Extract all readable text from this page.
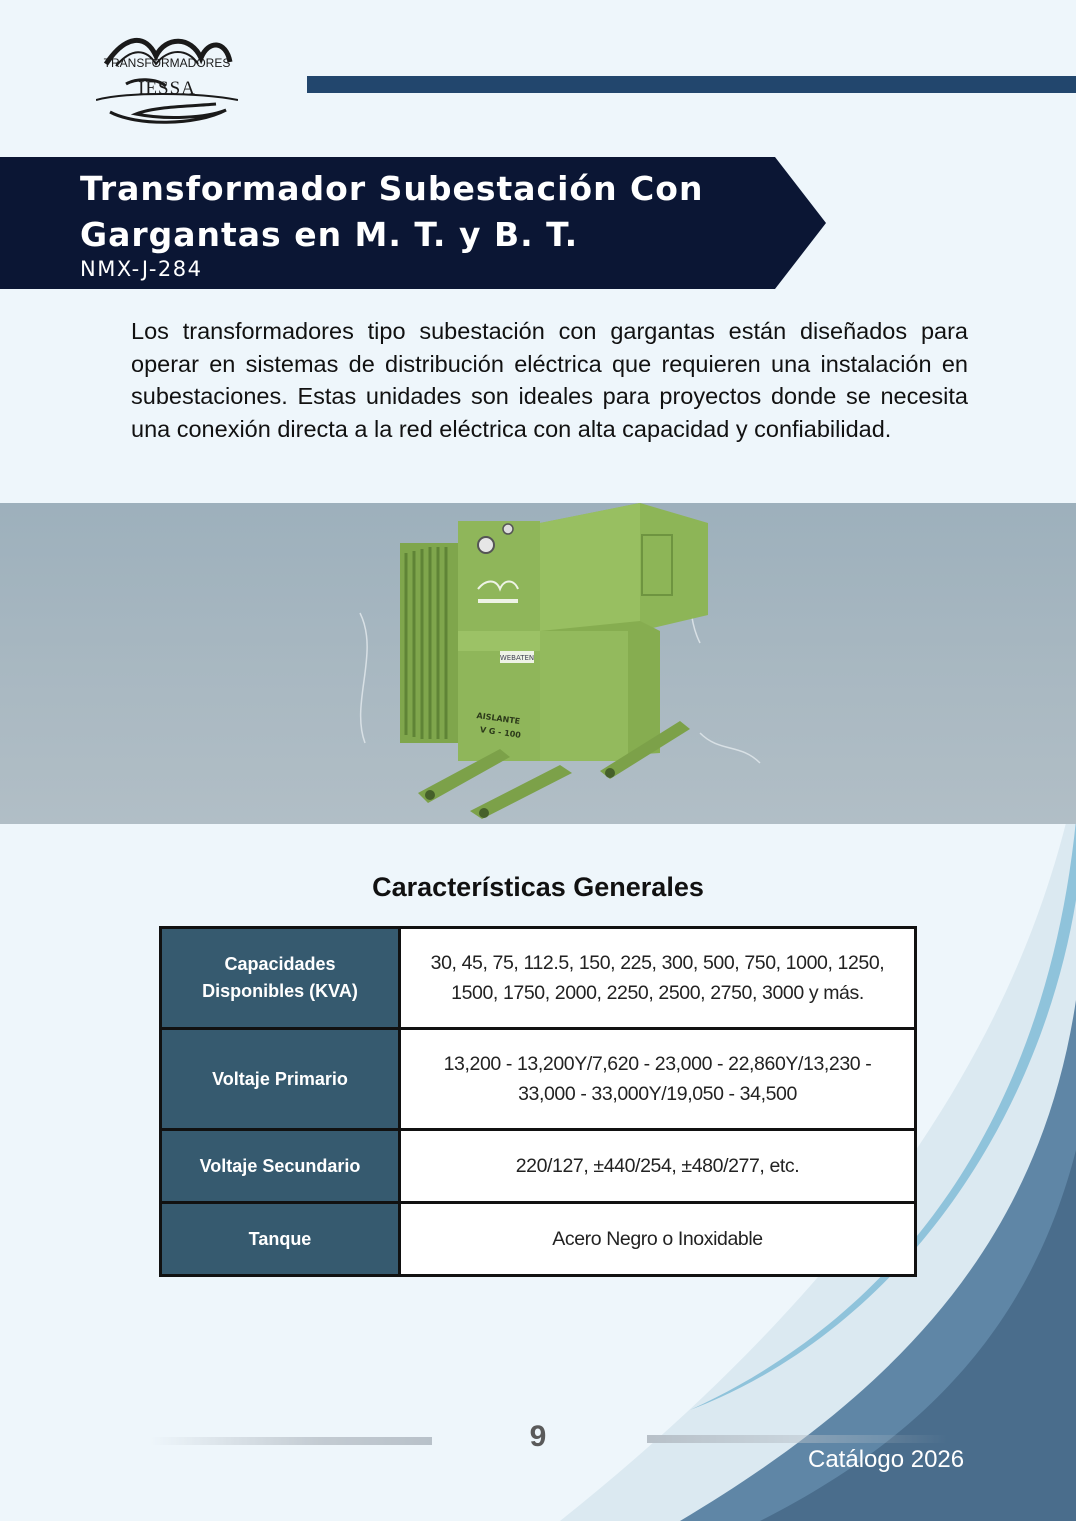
TRANSFORMADORES
IESSA
Transformador Subestación Con
Gargantas en M. T. y B. T.
NMX-J-284

Los transformadores tipo subestación con gargantas están diseñados para operar en sistemas de distribución eléctrica que requieren una instalación en subestaciones. Estas unidades son ideales para proyectos donde se necesita una conexión directa a la red eléctrica con alta capacidad y confiabilidad.

WEBATEN
AISLANTE
V G - 100
Características Generales
Capacidades
Disponibles (KVA)	30, 45, 75, 112.5, 150, 225, 300, 500, 750, 1000, 1250,
1500, 1750, 2000, 2250, 2500, 2750, 3000 y más.
Voltaje Primario	13,200 - 13,200Y/7,620 - 23,000 - 22,860Y/13,230 -
33,000 - 33,000Y/19,050 - 34,500
Voltaje Secundario	220/127, ±440/254, ±480/277, etc.
Tanque	Acero Negro o Inoxidable
9
Catálogo 2026
